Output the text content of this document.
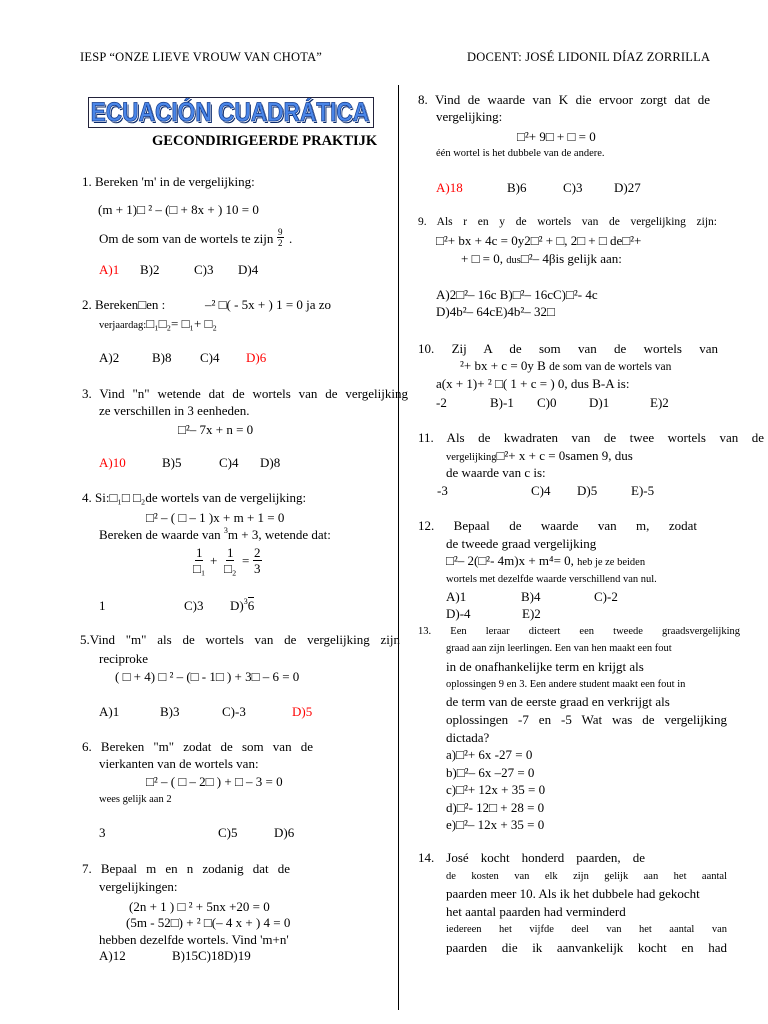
IESP “ONZE LIEVE VROUW VAN CHOTA”	DOCENT: JOSÉ LIDONIL DÍAZ ZORRILLA
ECUACIÓN CUADRÁTICA
GECONDIRIGEERDE PRAKTIJK
1. Bereken 'm' in de vergelijking:
(m + 1)□ ² – (□ + 8x + ) 10 = 0
Om de som van de wortels te zijn $\frac{9}{2}$ .
A)1 B)2	C)3 D)4
2. Bereken□en :	–² □( - 5x + ) 1 = 0 ja zo
verjaardag:□₁□₂= □₁+ □₂
A)2	B)8 C)4 D)6
3. Vind "n" wetende dat de wortels van de vergelijking
ze verschillen in 3 eenheden.
□²– 7x + n = 0
A)10	B)5	C)4 D)8
4. Si:□₁□ □₂de wortels van de vergelijking:
□² – ( □ – 1 )x + m + 1 = 0
Bereken de waarde van $^3$m + 3, wetende dat:
1
□₁
+
1
□₂
= $\frac{2}{3}$
1	C)3 D)$^3$6
5.Vind "m" als de wortels van de vergelijking zijn
reciproke
( □ + 4) □ ² – (□ - 1□ ) + 3□ – 6 = 0
A)1	B)3	C)-3	D)5
6. Bereken "m" zodat de som van de
vierkanten van de wortels van:
□² – ( □ – 2□ ) + □ – 3 = 0
wees gelijk aan 2
3	C)5	D)6
7. Bepaal m en n zodanig dat de
vergelijkingen:
(2n + 1 ) □ ² + 5nx +20 = 0
(5m - 52□) + ² □(– 4 x + ) 4 = 0
hebben dezelfde wortels. Vind 'm+n'
A)12	B)15C)18D)19
8. Vind de waarde van K die ervoor zorgt dat de
vergelijking:
□²+ 9□ + □ = 0
één wortel is het dubbele van de andere.
A)18	B)6	C)3 D)27
9. Als r en y de wortels van de vergelijking zijn:
□²+ bx + 4c = 0y2□² + □, 2□ + □ de□²+
+ □ = 0, dus□²– 4βis gelijk aan:
A)2□²– 16c B)□²– 16cC)□²- 4c
D)4b²– 64cE)4b²– 32□
10. Zij A de som van de wortels van
²+ bx + c = 0y B de som van de wortels van
a(x + 1)+ ² □( 1 + c = ) 0, dus B-A is:
-2	B)-1 C)0	D)1	E)2
11. Als de kwadraten van de twee wortels van de
vergelijking□²+ x + c = 0samen 9, dus
de waarde van c is:
-3	C)4 D)5	E)-5
12. Bepaal de waarde van m, zodat
de tweede graad vergelijking
□²– 2(□²- 4m)x + m⁴= 0, heb je ze beiden
wortels met dezelfde waarde verschillend van nul.
A)1	B)4	C)-2
D)-4	E)2
13. Een leraar dicteert een tweede graadsvergelijking
graad aan zijn leerlingen. Een van hen maakt een fout
in de onafhankelijke term en krijgt als
oplossingen 9 en 3. Een andere student maakt een fout in
de term van de eerste graad en verkrijgt als
oplossingen -7 en -5 Wat was de vergelijking
dictada?
a)□²+ 6x -27 = 0
b)□²– 6x –27 = 0
c)□²+ 12x + 35 = 0
d)□²- 12□ + 28 = 0
e)□²– 12x + 35 = 0
14. José kocht honderd paarden, de
de kosten van elk zijn gelijk aan het aantal
paarden meer 10. Als ik het dubbele had gekocht
het aantal paarden had verminderd
iedereen het vijfde deel van het aantal van
paarden die ik aanvankelijk kocht en had
